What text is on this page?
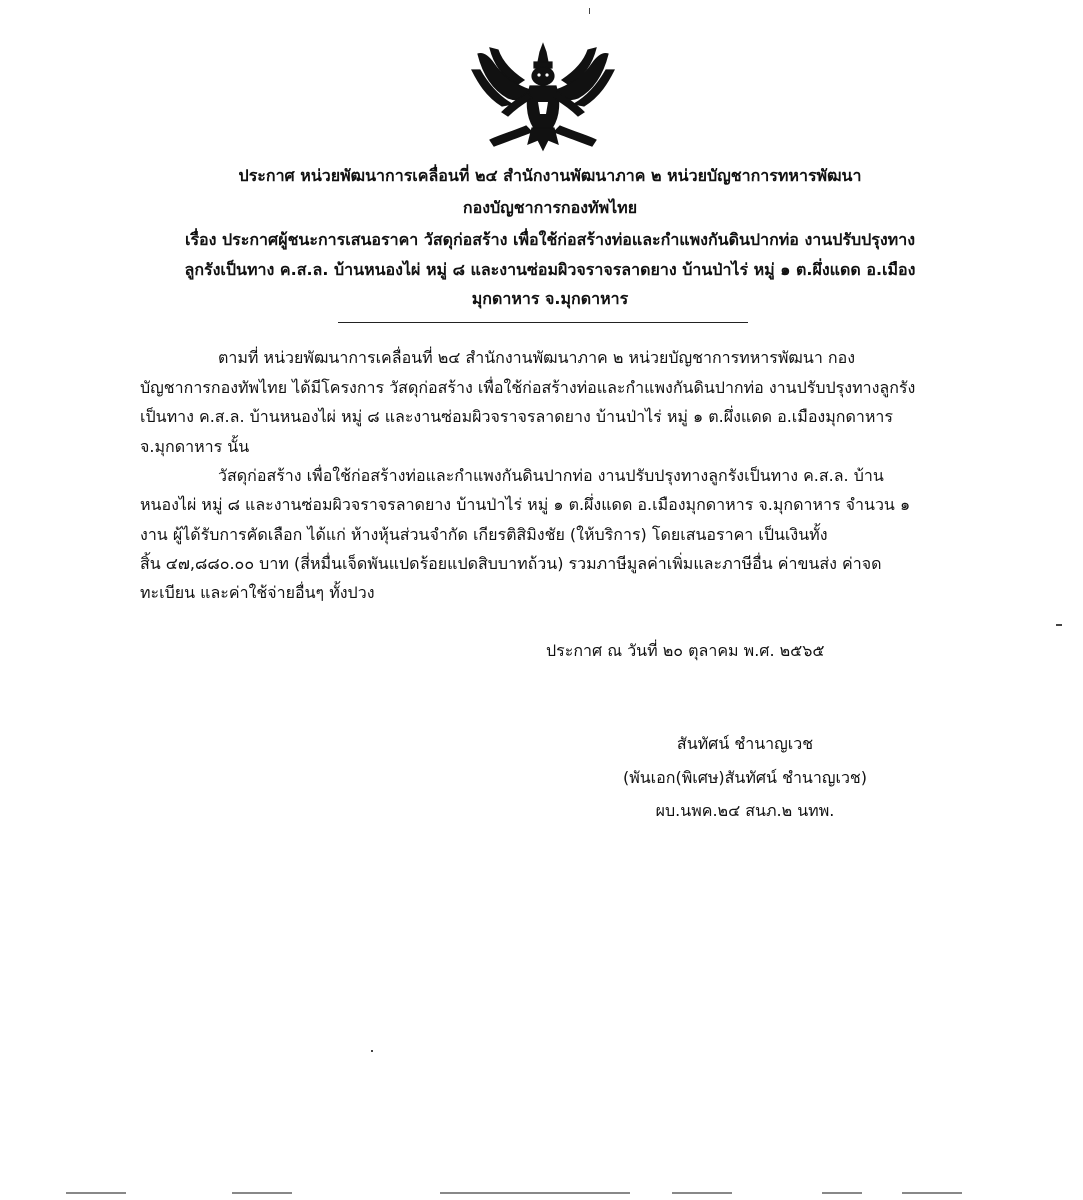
ประกาศ หน่วยพัฒนาการเคลื่อนที่ ๒๔ สำนักงานพัฒนาภาค ๒ หน่วยบัญชาการทหารพัฒนา
กองบัญชาการกองทัพไทย
เรื่อง ประกาศผู้ชนะการเสนอราคา วัสดุก่อสร้าง เพื่อใช้ก่อสร้างท่อและกำแพงกันดินปากท่อ งานปรับปรุงทาง
ลูกรังเป็นทาง ค.ส.ล. บ้านหนองไผ่ หมู่ ๘ และงานซ่อมผิวจราจรลาดยาง บ้านป่าไร่ หมู่ ๑ ต.ผึ่งแดด อ.เมือง
มุกดาหาร จ.มุกดาหาร
ตามที่ หน่วยพัฒนาการเคลื่อนที่ ๒๔ สำนักงานพัฒนาภาค ๒ หน่วยบัญชาการทหารพัฒนา กอง
บัญชาการกองทัพไทย ได้มีโครงการ วัสดุก่อสร้าง เพื่อใช้ก่อสร้างท่อและกำแพงกันดินปากท่อ งานปรับปรุงทางลูกรัง
เป็นทาง ค.ส.ล. บ้านหนองไผ่ หมู่ ๘ และงานซ่อมผิวจราจรลาดยาง บ้านป่าไร่ หมู่ ๑ ต.ผึ่งแดด อ.เมืองมุกดาหาร
จ.มุกดาหาร นั้น
วัสดุก่อสร้าง เพื่อใช้ก่อสร้างท่อและกำแพงกันดินปากท่อ งานปรับปรุงทางลูกรังเป็นทาง ค.ส.ล. บ้าน
หนองไผ่ หมู่ ๘ และงานซ่อมผิวจราจรลาดยาง บ้านป่าไร่ หมู่ ๑ ต.ผึ่งแดด อ.เมืองมุกดาหาร จ.มุกดาหาร จำนวน ๑
งาน ผู้ได้รับการคัดเลือก ได้แก่ ห้างหุ้นส่วนจำกัด เกียรติสิมิงชัย (ให้บริการ) โดยเสนอราคา เป็นเงินทั้ง
สิ้น ๔๗,๘๘๐.๐๐ บาท (สี่หมื่นเจ็ดพันแปดร้อยแปดสิบบาทถ้วน) รวมภาษีมูลค่าเพิ่มและภาษีอื่น ค่าขนส่ง ค่าจด
ทะเบียน และค่าใช้จ่ายอื่นๆ ทั้งปวง
ประกาศ ณ วันที่ ๒๐ ตุลาคม พ.ศ. ๒๕๖๕
สันทัศน์ ชำนาญเวช
(พันเอก(พิเศษ)สันทัศน์ ชำนาญเวช)
ผบ.นพค.๒๔ สนภ.๒ นทพ.
